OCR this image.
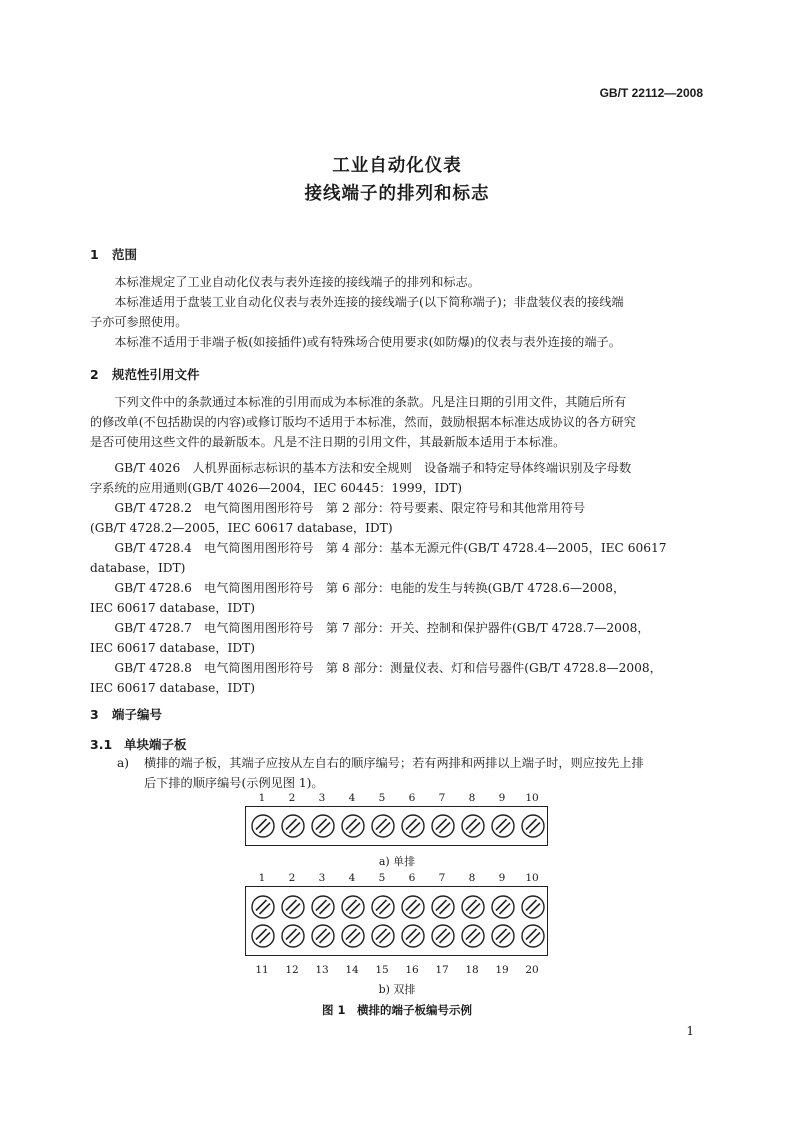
GB/T 22112—2008
工业自动化仪表
接线端子的排列和标志
1 范围
　　本标准规定了工业自动化仪表与表外连接的接线端子的排列和标志。
　　本标准适用于盘装工业自动化仪表与表外连接的接线端子(以下简称端子)；非盘装仪表的接线端
子亦可参照使用。
　　本标准不适用于非端子板(如接插件)或有特殊场合使用要求(如防爆)的仪表与表外连接的端子。
2 规范性引用文件
　　下列文件中的条款通过本标准的引用而成为本标准的条款。凡是注日期的引用文件，其随后所有
的修改单(不包括勘误的内容)或修订版均不适用于本标准，然而，鼓励根据本标准达成协议的各方研究
是否可使用这些文件的最新版本。凡是不注日期的引用文件，其最新版本适用于本标准。
　　GB/T 4026　人机界面标志标识的基本方法和安全规则　设备端子和特定导体终端识别及字母数
字系统的应用通则(GB/T 4026—2004，IEC 60445：1999，IDT)
　　GB/T 4728.2　电气简图用图形符号　第 2 部分：符号要素、限定符号和其他常用符号
(GB/T 4728.2—2005，IEC 60617 database，IDT)
　　GB/T 4728.4　电气简图用图形符号　第 4 部分：基本无源元件(GB/T 4728.4—2005，IEC 60617
database，IDT)
　　GB/T 4728.6　电气简图用图形符号　第 6 部分：电能的发生与转换(GB/T 4728.6—2008，
IEC 60617 database，IDT)
　　GB/T 4728.7　电气简图用图形符号　第 7 部分：开关、控制和保护器件(GB/T 4728.7—2008，
IEC 60617 database，IDT)
　　GB/T 4728.8　电气简图用图形符号　第 8 部分：测量仪表、灯和信号器件(GB/T 4728.8—2008，
IEC 60617 database，IDT)
3 端子编号
3.1 单块端子板
a) 横排的端子板，其端子应按从左自右的顺序编号；若有两排和两排以上端子时，则应按先上排
后下排的顺序编号(示例见图 1)。
1	2	3	4	5	6	7	8	9	10
a) 单排
1	2	3	4	5	6	7	8	9	10
11	12	13	14	15	16	17	18	19	20
b) 双排
图 1　横排的端子板编号示例
1
